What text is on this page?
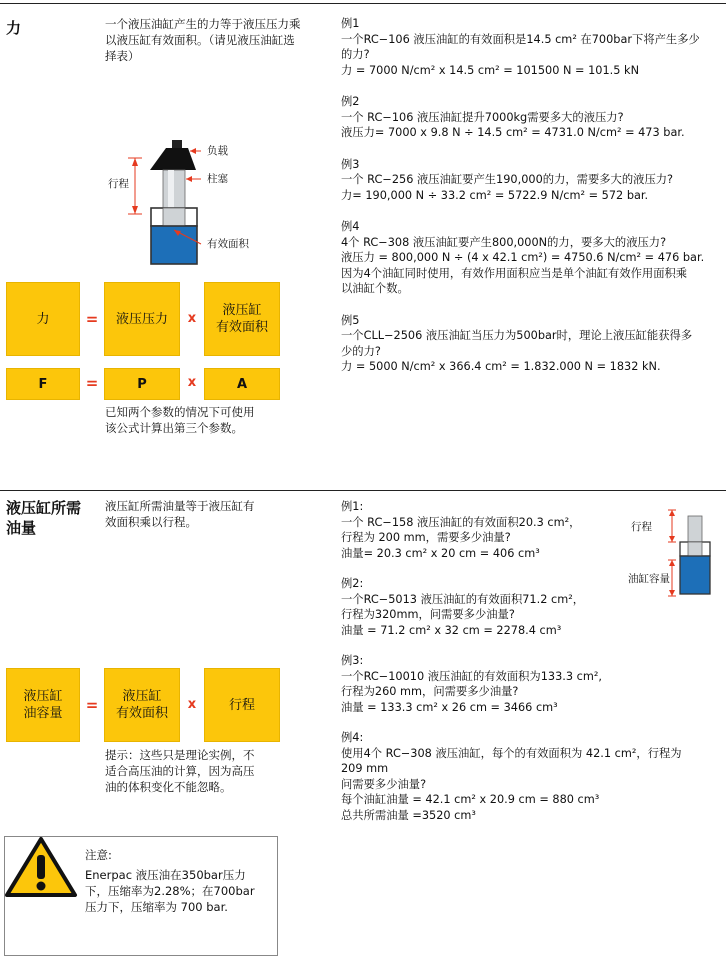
力	一个液压油缸产生的力等于液压压力乘以液压缸有效面积。（请见液压油缸选择表）
负载
行程	柱塞
有效面积
力	=	液压压力	x
液压缸
有效面积
F	=	P	x	A
已知两个参数的情况下可使用
该公式计算出第三个参数。
例1
一个RC−106 液压油缸的有效面积是14.5 cm² 在700bar下将产生多少
的力?
力 = 7000 N/cm² x 14.5 cm² = 101500 N = 101.5 kN
例2
一个 RC−106 液压油缸提升7000kg需要多大的液压力?
液压力= 7000 x 9.8 N ÷ 14.5 cm² = 4731.0 N/cm² = 473 bar.
例3
一个 RC−256 液压油缸要产生190,000的力，需要多大的液压力?
力= 190,000 N ÷ 33.2 cm² = 5722.9 N/cm² = 572 bar.
例4
4个 RC−308 液压油缸要产生800,000N的力，要多大的液压力?
液压力 = 800,000 N ÷ (4 x 42.1 cm²) = 4750.6 N/cm² = 476 bar.
因为4个油缸同时使用，有效作用面积应当是单个油缸有效作用面积乘
以油缸个数。
例5
一个CLL−2506 液压油缸当压力为500bar时，理论上液压缸能获得多
少的力?
力 = 5000 N/cm² x 366.4 cm² = 1.832.000 N = 1832 kN.
液压缸所需
油量
液压缸所需油量等于液压缸有
效面积乘以行程。
液压缸
油容量	=	液压缸
有效面积
x	行程
提示：这些只是理论实例，不
适合高压油的计算，因为高压
油的体积变化不能忽略。
例1:
一个 RC−158 液压油缸的有效面积20.3 cm²，
行程为 200 mm，需要多少油量?
油量= 20.3 cm² x 20 cm = 406 cm³
例2:
一个RC−5013 液压油缸的有效面积71.2 cm²，
行程为320mm，问需要多少油量?
油量 = 71.2 cm² x 32 cm = 2278.4 cm³
例3:
一个RC−10010 液压油缸的有效面积为133.3 cm²,
行程为260 mm，问需要多少油量?
油量 = 133.3 cm² x 26 cm = 3466 cm³
例4:
使用4个 RC−308 液压油缸，每个的有效面积为 42.1 cm²，行程为
209 mm
问需要多少油量?
每个油缸油量 = 42.1 cm² x 20.9 cm = 880 cm³
总共所需油量 =3520 cm³
行程
油缸容量
注意:
Enerpac 液压油在350bar压力
下，压缩率为2.28%；在700bar
压力下，压缩率为 700 bar.
